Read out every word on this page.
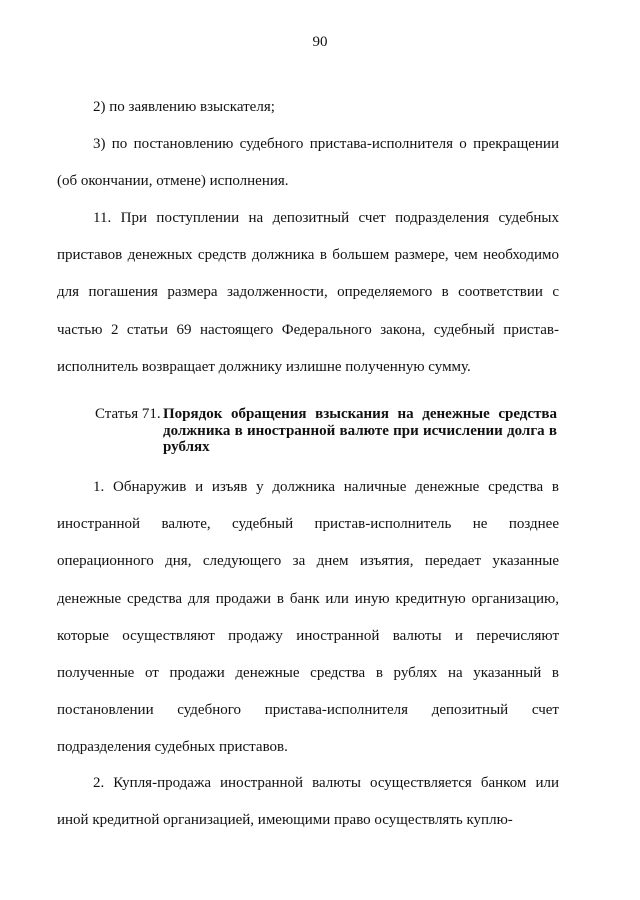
90

2) по заявлению взыскателя;

3) по постановлению судебного пристава-исполнителя о прекращении (об окончании, отмене) исполнения.

11. При поступлении на депозитный счет подразделения судебных приставов денежных средств должника в большем размере, чем необходимо для погашения размера задолженности, определяемого в соответствии с частью 2 статьи 69 настоящего Федерального закона, судебный пристав-исполнитель возвращает должнику излишне полученную сумму.

Статья 71. Порядок обращения взыскания на денежные средства должника в иностранной валюте при исчислении долга в рублях

1. Обнаружив и изъяв у должника наличные денежные средства в иностранной валюте, судебный пристав-исполнитель не позднее операционного дня, следующего за днем изъятия, передает указанные денежные средства для продажи в банк или иную кредитную организацию, которые осуществляют продажу иностранной валюты и перечисляют полученные от продажи денежные средства в рублях на указанный в постановлении судебного пристава-исполнителя депозитный счет подразделения судебных приставов.

2. Купля-продажа иностранной валюты осуществляется банком или иной кредитной организацией, имеющими право осуществлять куплю-
